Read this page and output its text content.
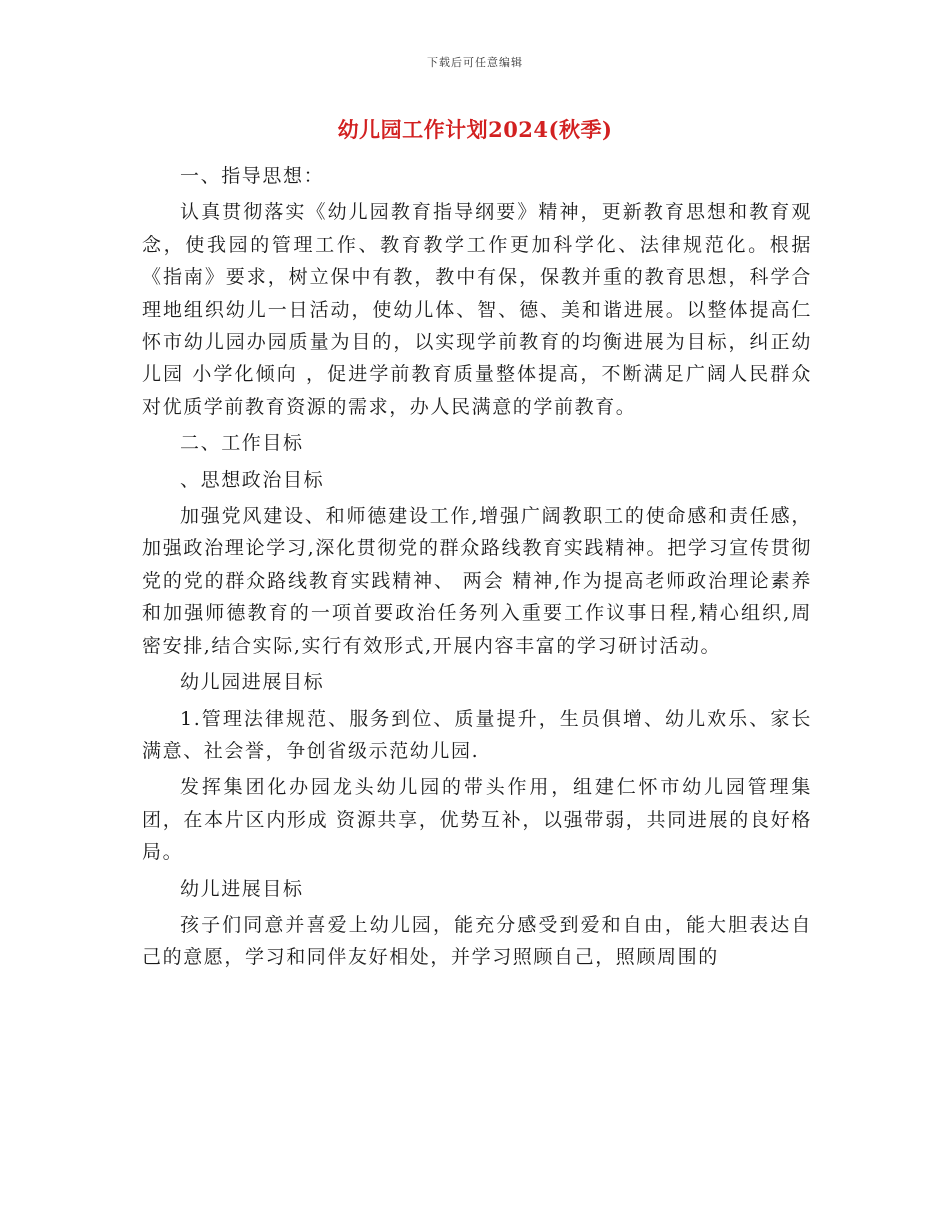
下载后可任意编辑
幼儿园工作计划2024(秋季)
一、指导思想：
认真贯彻落实《幼儿园教育指导纲要》精神，更新教育思想和教育观念，使我园的管理工作、教育教学工作更加科学化、法律规范化。根据《指南》要求，树立保中有教，教中有保，保教并重的教育思想，科学合理地组织幼儿一日活动，使幼儿体、智、德、美和谐进展。以整体提高仁怀市幼儿园办园质量为目的，以实现学前教育的均衡进展为目标，纠正幼儿园 小学化倾向 ，促进学前教育质量整体提高，不断满足广阔人民群众对优质学前教育资源的需求，办人民满意的学前教育。
二、工作目标
、思想政治目标
加强党风建设、和师德建设工作,增强广阔教职工的使命感和责任感，加强政治理论学习,深化贯彻党的群众路线教育实践精神。把学习宣传贯彻党的党的群众路线教育实践精神、 两会 精神,作为提高老师政治理论素养和加强师德教育的一项首要政治任务列入重要工作议事日程,精心组织,周密安排,结合实际,实行有效形式,开展内容丰富的学习研讨活动。
幼儿园进展目标
1.管理法律规范、服务到位、质量提升，生员俱增、幼儿欢乐、家长满意、社会誉，争创省级示范幼儿园.
发挥集团化办园龙头幼儿园的带头作用，组建仁怀市幼儿园管理集团，在本片区内形成 资源共享，优势互补，以强带弱，共同进展的良好格局。
幼儿进展目标
孩子们同意并喜爱上幼儿园，能充分感受到爱和自由，能大胆表达自己的意愿，学习和同伴友好相处，并学习照顾自己，照顾周围的
